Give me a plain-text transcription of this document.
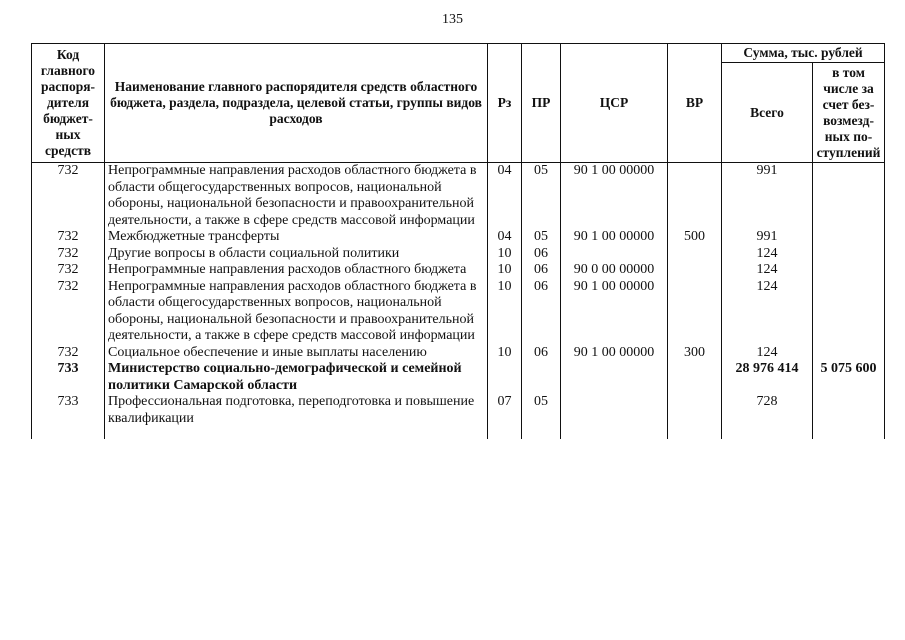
135
Код главного распоря-дителя бюджет-ных средств	Наименование главного распорядителя средств областного бюджета, раздела, подраздела, целевой статьи, группы видов расходов	Рз	ПР	ЦСР	ВР	Сумма, тыс. рублей	
						Всего	в том числе за счет без-возмезд-ных по-ступлений
732	Непрограммные направления расходов областного бюджета в области общегосударственных вопросов, национальной обороны, национальной безопасности и правоохранительной деятельности, а также в сфере средств массовой информации	04	05	90 1 00 00000		991	
732	Межбюджетные трансферты	04	05	90 1 00 00000	500	991	
732	Другие вопросы в области социальной политики	10	06			124	
732	Непрограммные направления расходов областного бюджета	10	06	90 0 00 00000		124	
732	Непрограммные направления расходов областного бюджета в области общегосударственных вопросов, национальной обороны, национальной безопасности и правоохранительной деятельности, а также в сфере средств массовой информации	10	06	90 1 00 00000		124	
732	Социальное обеспечение и иные выплаты населению	10	06	90 1 00 00000	300	124	
733	Министерство социально-демографической и семейной политики Самарской области					28 976 414	5 075 600
733	Профессиональная подготовка, переподготовка и повышение квалификации	07	05			728	
